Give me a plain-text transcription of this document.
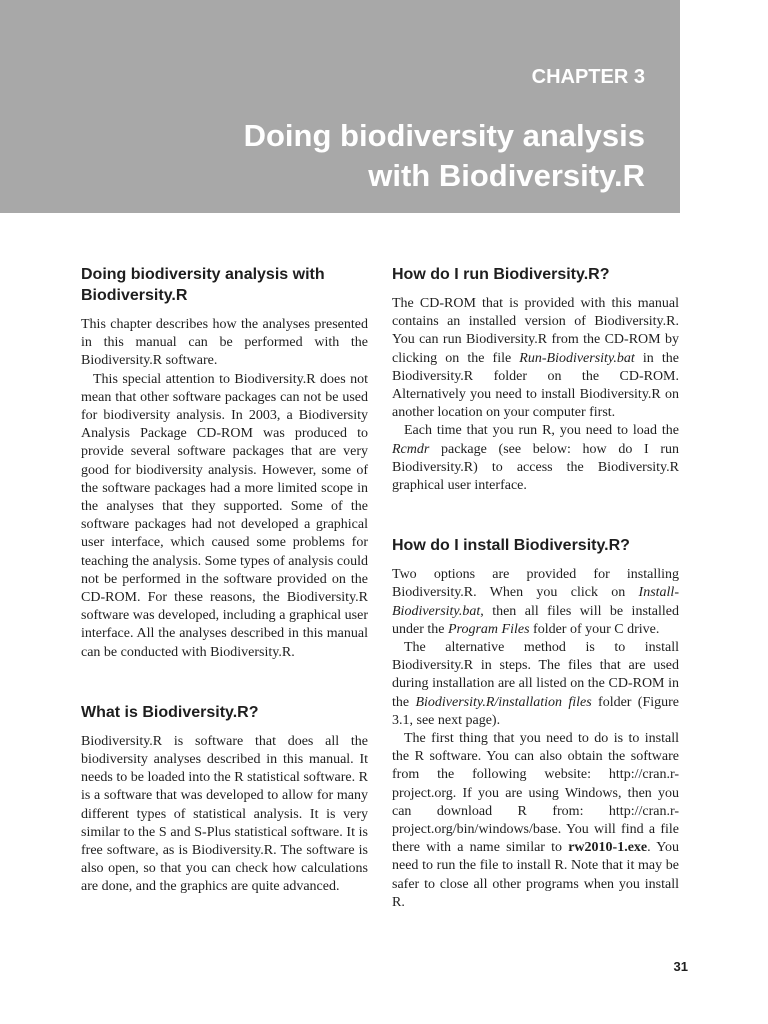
CHAPTER 3

Doing biodiversity analysis
with Biodiversity.R
Doing biodiversity analysis with
Biodiversity.R

This chapter describes how the analyses presented in this manual can be performed with the Biodiversity.R software.

This special attention to Biodiversity.R does not mean that other software packages can not be used for biodiversity analysis. In 2003, a Biodiversity Analysis Package CD-ROM was produced to provide several software packages that are very good for biodiversity analysis. However, some of the software packages had a more limited scope in the analyses that they supported. Some of the software packages had not developed a graphical user interface, which caused some problems for teaching the analysis. Some types of analysis could not be performed in the software provided on the CD-ROM. For these reasons, the Biodiversity.R software was developed, including a graphical user interface. All the analyses described in this manual can be conducted with Biodiversity.R.

What is Biodiversity.R?

Biodiversity.R is software that does all the biodiversity analyses described in this manual. It needs to be loaded into the R statistical software. R is a software that was developed to allow for many different types of statistical analysis. It is very similar to the S and S-Plus statistical software. It is free software, as is Biodiversity.R. The software is also open, so that you can check how calculations are done, and the graphics are quite advanced.

How do I run Biodiversity.R?

The CD-ROM that is provided with this manual contains an installed version of Biodiversity.R. You can run Biodiversity.R from the CD-ROM by clicking on the file Run-Biodiversity.bat in the Biodiversity.R folder on the CD-ROM. Alternatively you need to install Biodiversity.R on another location on your computer first.

Each time that you run R, you need to load the Rcmdr package (see below: how do I run Biodiversity.R) to access the Biodiversity.R graphical user interface.

How do I install Biodiversity.R?

Two options are provided for installing Biodiversity.R. When you click on Install-Biodiversity.bat, then all files will be installed under the Program Files folder of your C drive.

The alternative method is to install Biodiversity.R in steps. The files that are used during installation are all listed on the CD-ROM in the Biodiversity.R/installation files folder (Figure 3.1, see next page).

The first thing that you need to do is to install the R software. You can also obtain the software from the following website: http://cran.r-project.org. If you are using Windows, then you can download R from: http://cran.r-project.org/bin/windows/base. You will find a file there with a name similar to rw2010-1.exe. You need to run the file to install R. Note that it may be safer to close all other programs when you install R.

31
